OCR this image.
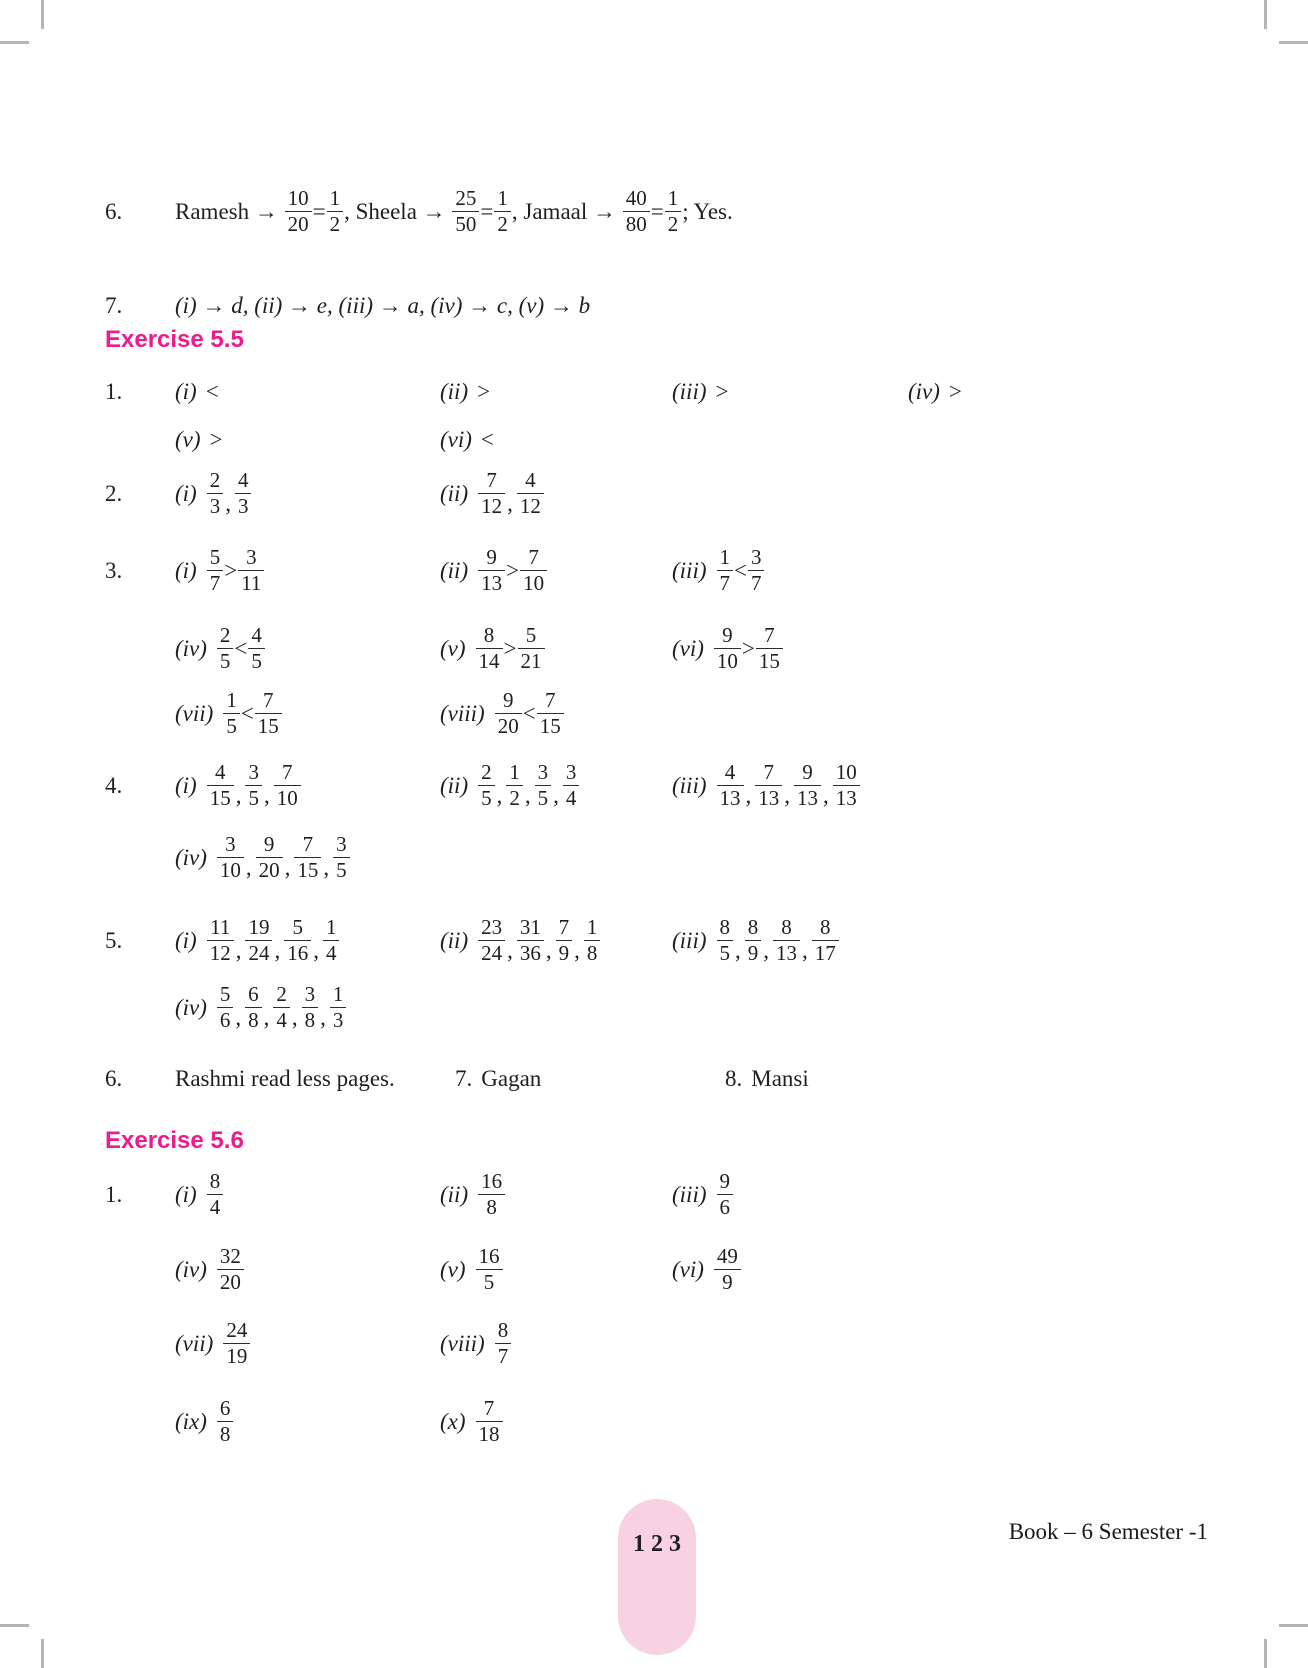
6.	Ramesh → $\frac{10}{20} = \frac{1}{2}$ , Sheela → $\frac{25}{50} = \frac{1}{2}$ , Jamaal → $\frac{40}{80} = \frac{1}{2}$ ; Yes.
7.	(i) → d, (ii) → e, (iii) → a, (iv) → c, (v) → b
Exercise 5.5
1.	(i) <	(ii) >	(iii) >	(iv) >
(v) >	(vi) <
2.	$(i) \frac{2}{3}$ , $\frac{4}{3}$	$(ii) \frac{7}{12}$ , $\frac{4}{12}$
3.	$(i) \frac{5}{7} > \frac{3}{11}$	$(ii) \frac{9}{13} > \frac{7}{10}$	$(iii) \frac{1}{7} < \frac{3}{7}$
$(iv) \frac{2}{5} < \frac{4}{5}$	$(v) \frac{8}{14} > \frac{5}{21}$	$(vi) \frac{9}{10} > \frac{7}{15}$
$(vii) \frac{1}{5} < \frac{7}{15}$	(viii) $\frac{9}{20} < \frac{7}{15}$
4.	$(i) \frac{4}{15}$ , $\frac{3}{5}$ , $\frac{7}{10}$	$(ii) \frac{2}{5}$ , $\frac{1}{2}$ , $\frac{3}{5}$ , $\frac{3}{4}$	$(iii) \frac{4}{13}$ , $\frac{7}{13}$ , $\frac{9}{13}$ , $\frac{10}{13}$
$(iv) \frac{3}{10}$ , $\frac{9}{20}$ , $\frac{7}{15}$ , $\frac{3}{5}$
5.	$(i) \frac{11}{12}$ , $\frac{19}{24}$ , $\frac{5}{16}$ , $\frac{1}{4}$	$(ii) \frac{23}{24}$ , $\frac{31}{36}$ , $\frac{7}{9}$ , $\frac{1}{8}$	$(iii) \frac{8}{5}$ , $\frac{8}{9}$ , $\frac{8}{13}$ , $\frac{8}{17}$
$(iv) \frac{5}{6}$ , $\frac{6}{8}$ , $\frac{2}{4}$ , $\frac{3}{8}$ , $\frac{1}{3}$
6.	Rashmi read less pages.	7. Gagan	8. Mansi
Exercise 5.6
1.	$(i) \frac{8}{4}$	$(ii) \frac{16}{8}$	$(iii) \frac{9}{6}$
$(iv) \frac{32}{20}$	$(v) \frac{16}{5}$	$(vi) \frac{49}{9}$
$(vii) \frac{24}{19}$	(viii) $\frac{8}{7}$
$(ix) \frac{6}{8}$	$(x) \frac{7}{18}$
123	Book – 6 Semester -1
